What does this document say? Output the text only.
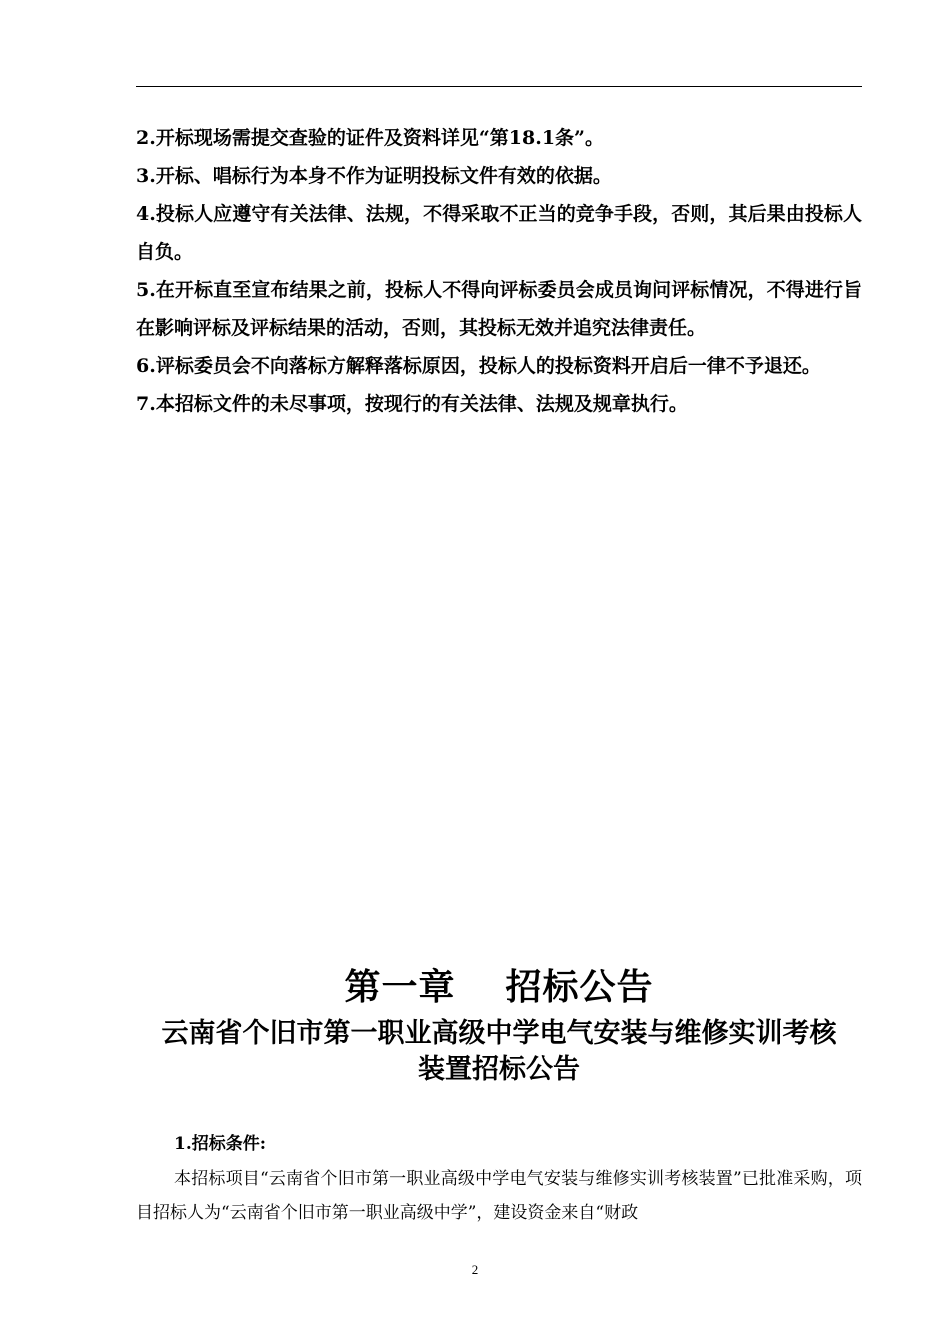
2.开标现场需提交查验的证件及资料详见“第18.1条”。

3.开标、唱标行为本身不作为证明投标文件有效的依据。

4.投标人应遵守有关法律、法规，不得采取不正当的竞争手段，否则，其后果由投标人自负。

5.在开标直至宣布结果之前，投标人不得向评标委员会成员询问评标情况，不得进行旨在影响评标及评标结果的活动，否则，其投标无效并追究法律责任。

6.评标委员会不向落标方解释落标原因，投标人的投标资料开启后一律不予退还。

7.本招标文件的未尽事项，按现行的有关法律、法规及规章执行。

第一章 招标公告
云南省个旧市第一职业高级中学电气安装与维修实训考核
装置招标公告
1.招标条件:

本招标项目“云南省个旧市第一职业高级中学电气安装与维修实训考核装置”已批准采购，项目招标人为“云南省个旧市第一职业高级中学”，建设资金来自“财政

2
